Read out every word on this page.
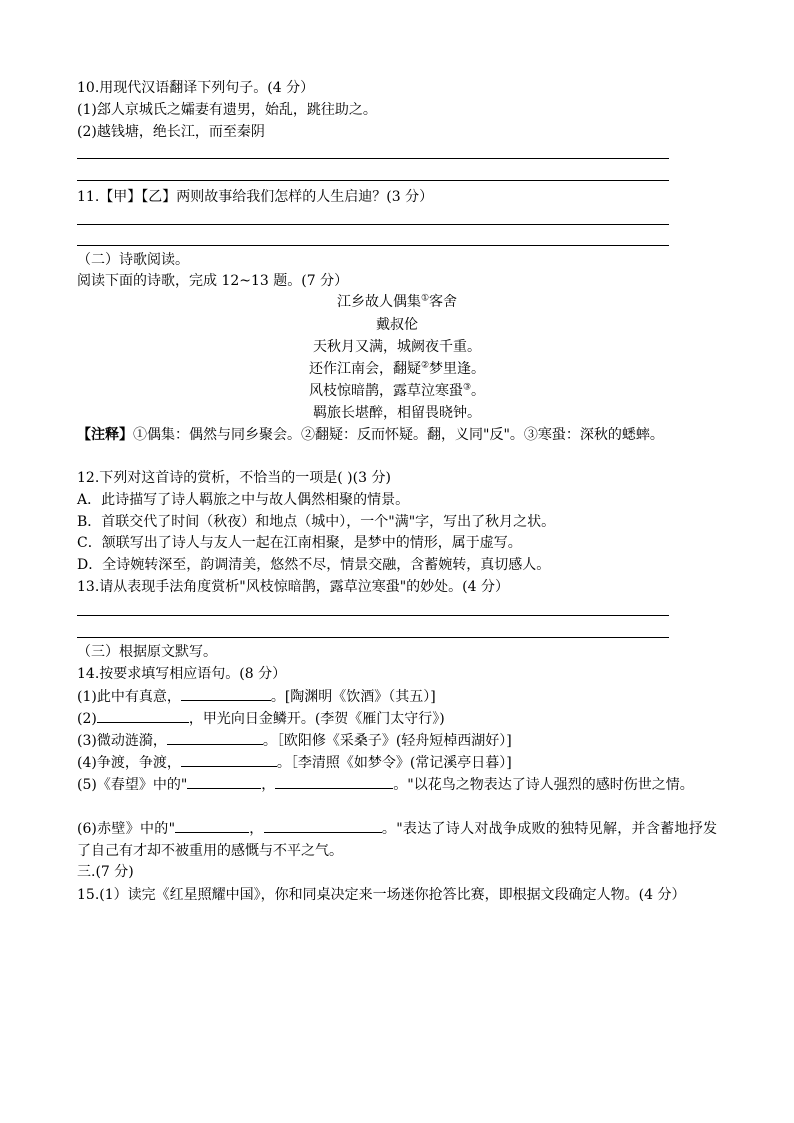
10.用现代汉语翻译下列句子。(4 分）
(1)郐人京城氏之孀妻有遗男，始乱，跳往助之。
(2)越钱塘，绝长江，而至秦阴
11.【甲】【乙】两则故事给我们怎样的人生启迪？(3 分）
（二）诗歌阅读。
阅读下面的诗歌，完成 12~13 题。(7 分）
江乡故人偶集①客舍
戴叔伦
天秋月又满，城阙夜千重。
还作江南会，翻疑②梦里逢。
风枝惊暗鹊，露草泣寒蛩③。
羁旅长堪醉，相留畏晓钟。
【注释】①偶集：偶然与同乡聚会。②翻疑：反而怀疑。翻，义同"反"。③寒蛩：深秋的蟋蟀。
12.下列对这首诗的赏析，不恰当的一项是( )(3 分)
A．此诗描写了诗人羁旅之中与故人偶然相聚的情景。
B．首联交代了时间（秋夜）和地点（城中），一个"满"字，写出了秋月之状。
C．颔联写出了诗人与友人一起在江南相聚，是梦中的情形，属于虚写。
D．全诗婉转深至，韵调清美，悠然不尽，情景交融，含蓄婉转，真切感人。
13.请从表现手法角度赏析"风枝惊暗鹊，露草泣寒蛩"的妙处。(4 分）
（三）根据原文默写。
14.按要求填写相应语句。(8 分）
(1)此中有真意，	。[陶渊明《饮酒》（其五）]
(2)	，甲光向日金鳞开。(李贺《雁门太守行》)
(3)微动涟漪，	。［欧阳修《采桑子》(轻舟短棹西湖好）]
(4)争渡，争渡，	。［李清照《如梦令》(常记溪亭日暮）]
(5)《春望》中的"	，	。"以花鸟之物表达了诗人强烈的感时伤世之情。
(6)赤壁》中的"	，	。"表达了诗人对战争成败的独特见解，并含蓄地抒发了自己有才却不被重用的感慨与不平之气。
三.(7 分)
15.(1）读完《红星照耀中国》，你和同桌决定来一场迷你抢答比赛，即根据文段确定人物。(4 分）
